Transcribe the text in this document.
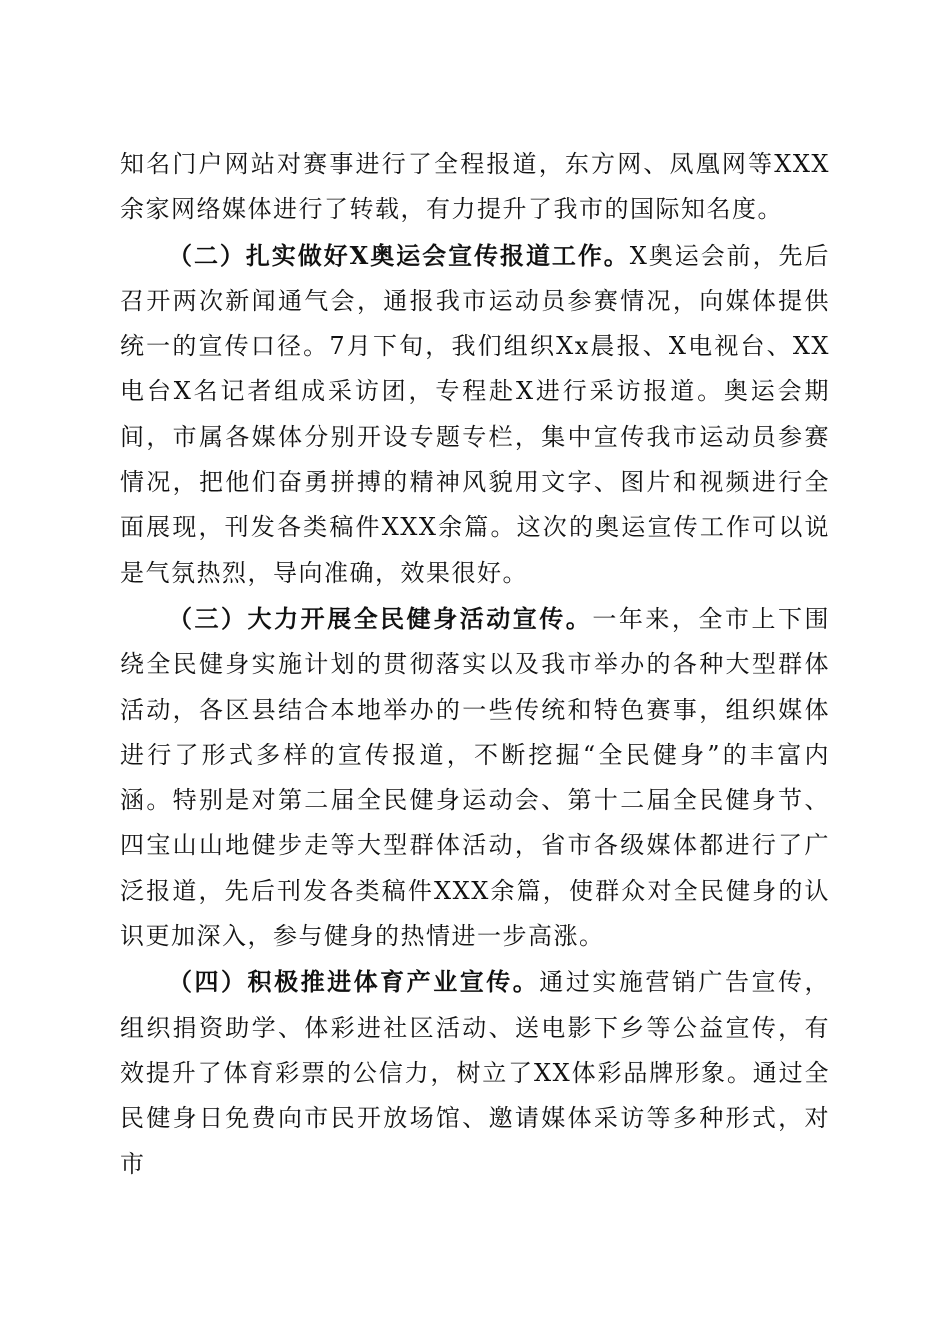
知名门户网站对赛事进行了全程报道，东方网、凤凰网等XXX余家网络媒体进行了转载，有力提升了我市的国际知名度。

（二）扎实做好X奥运会宣传报道工作。X奥运会前，先后召开两次新闻通气会，通报我市运动员参赛情况，向媒体提供统一的宣传口径。7月下旬，我们组织Xx晨报、X电视台、XX电台X名记者组成采访团，专程赴X进行采访报道。奥运会期间，市属各媒体分别开设专题专栏，集中宣传我市运动员参赛情况，把他们奋勇拼搏的精神风貌用文字、图片和视频进行全面展现，刊发各类稿件XXX余篇。这次的奥运宣传工作可以说是气氛热烈，导向准确，效果很好。

（三）大力开展全民健身活动宣传。一年来，全市上下围绕全民健身实施计划的贯彻落实以及我市举办的各种大型群体活动，各区县结合本地举办的一些传统和特色赛事，组织媒体进行了形式多样的宣传报道，不断挖掘“全民健身”的丰富内涵。特别是对第二届全民健身运动会、第十二届全民健身节、四宝山山地健步走等大型群体活动，省市各级媒体都进行了广泛报道，先后刊发各类稿件XXX余篇，使群众对全民健身的认识更加深入，参与健身的热情进一步高涨。

（四）积极推进体育产业宣传。通过实施营销广告宣传，组织捐资助学、体彩进社区活动、送电影下乡等公益宣传，有效提升了体育彩票的公信力，树立了XX体彩品牌形象。通过全民健身日免费向市民开放场馆、邀请媒体采访等多种形式，对市
